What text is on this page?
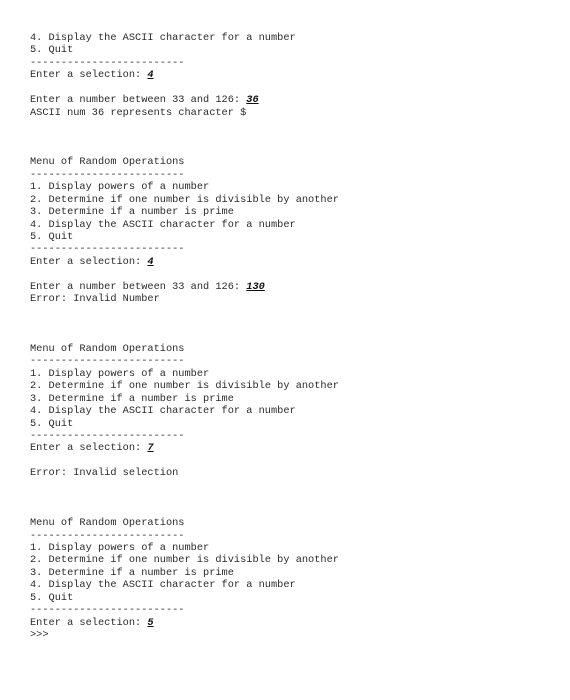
4. Display the ASCII character for a number
5. Quit
-------------------------
Enter a selection: 4
Enter a number between 33 and 126: 36
ASCII num 36 represents character $
Menu of Random Operations
-------------------------
1. Display powers of a number
2. Determine if one number is divisible by another
3. Determine if a number is prime
4. Display the ASCII character for a number
5. Quit
-------------------------
Enter a selection: 4
Enter a number between 33 and 126: 130
Error: Invalid Number
Menu of Random Operations
-------------------------
1. Display powers of a number
2. Determine if one number is divisible by another
3. Determine if a number is prime
4. Display the ASCII character for a number
5. Quit
-------------------------
Enter a selection: 7
Error: Invalid selection
Menu of Random Operations
-------------------------
1. Display powers of a number
2. Determine if one number is divisible by another
3. Determine if a number is prime
4. Display the ASCII character for a number
5. Quit
-------------------------
Enter a selection: 5
>>>
